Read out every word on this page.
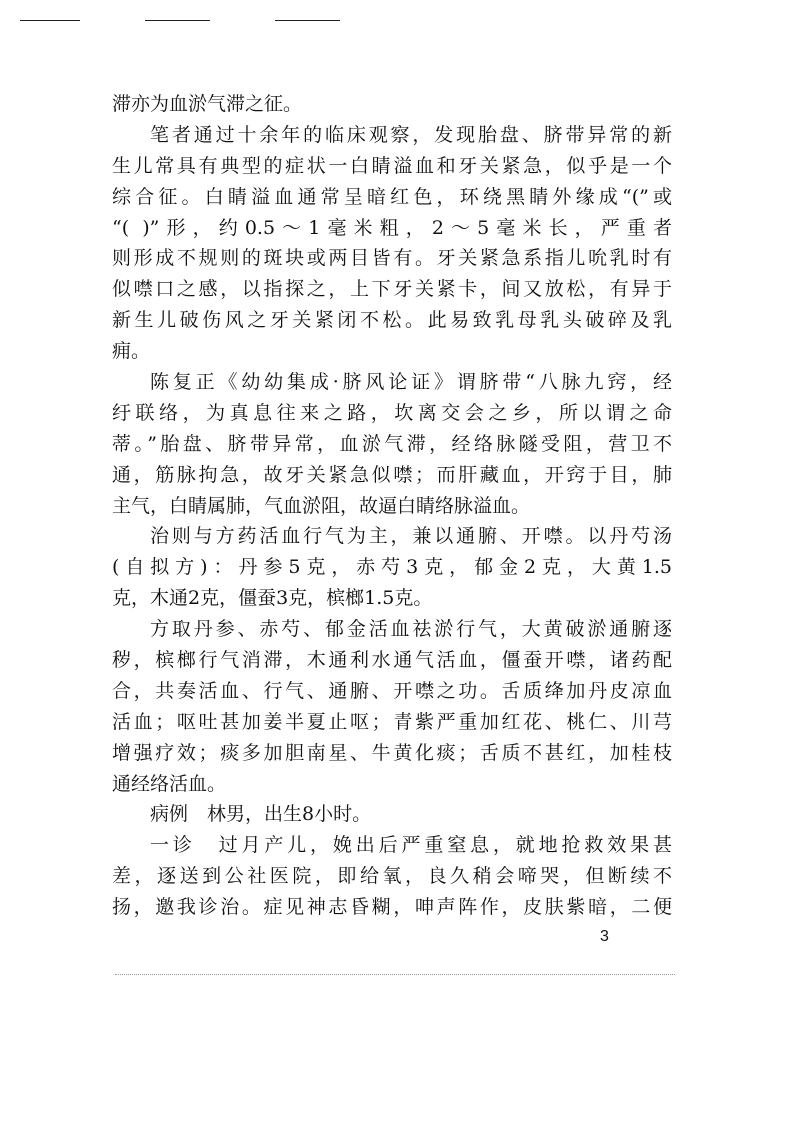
滞亦为血淤气滞之征。
笔者通过十余年的临床观察，发现胎盘、脐带异常的新
生儿常具有典型的症状一白睛溢血和牙关紧急，似乎是一个
综合征。白睛溢血通常呈暗红色，环绕黑睛外缘成“(”或
“( )”形，约0.5～1毫米粗，2～5毫米长，严重者
则形成不规则的斑块或两目皆有。牙关紧急系指儿吮乳时有
似噤口之感，以指探之，上下牙关紧卡，间又放松，有异于
新生儿破伤风之牙关紧闭不松。此易致乳母乳头破碎及乳
痈。
陈复正《幼幼集成·脐风论证》谓脐带“八脉九窍，经
纡联络，为真息往来之路，坎离交会之乡，所以谓之命
蒂。”胎盘、脐带异常，血淤气滞，经络脉隧受阻，营卫不
通，筋脉拘急，故牙关紧急似噤；而肝藏血，开窍于目，肺
主气，白睛属肺，气血淤阻，故逼白睛络脉溢血。
治则与方药活血行气为主，兼以通腑、开噤。以丹芍汤
(自拟方)：丹参5克，赤芍3克，郁金2克，大黄1.5
克，木通2克，僵蚕3克，槟榔1.5克。
方取丹参、赤芍、郁金活血祛淤行气，大黄破淤通腑逐
秽，槟榔行气消滞，木通利水通气活血，僵蚕开噤，诸药配
合，共奏活血、行气、通腑、开噤之功。舌质绛加丹皮凉血
活血；呕吐甚加姜半夏止呕；青紫严重加红花、桃仁、川芎
增强疗效；痰多加胆南星、牛黄化痰；舌质不甚红，加桂枝
通经络活血。
病例　林男，出生8小时。
一诊　过月产儿，娩出后严重窒息，就地抢救效果甚
差，逐送到公社医院，即给氧，良久稍会啼哭，但断续不
扬，邀我诊治。症见神志昏糊，呻声阵作，皮肤紫暗，二便
3
